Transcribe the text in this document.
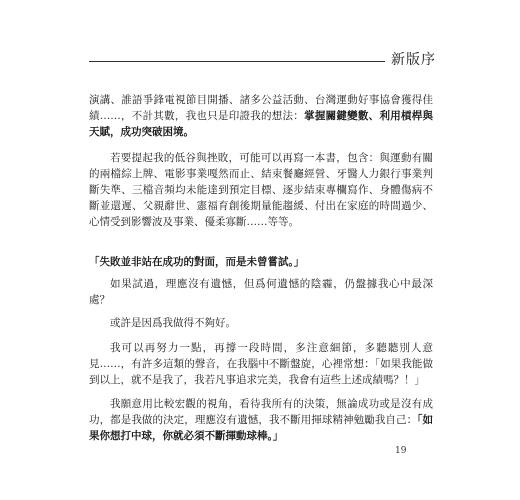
新版序

演講、誰語爭鋒電視節目開播、諸多公益活動、台灣運動好事協會獲得佳績……，不計其數，我也只是印證我的想法：掌握關鍵變數、利用槓桿與天賦，成功突破困境。

若要提起我的低谷與挫敗，可能可以再寫一本書，包含：與運動有關的兩檔綜上牌、電影事業嘎然而止、結束餐廳經營、牙醫人力銀行事業判斷失準、三檔音頻均未能達到預定目標、逐步結束專欄寫作、身體傷病不斷並還遲、父親辭世、憲福育創後期量能趨緩、付出在家庭的時間過少、心情受到影響波及事業、優柔寡斷……等等。

「失敗並非站在成功的對面，而是未曾嘗試。」

如果試過，理應沒有遺憾，但爲何遺憾的陰霾，仍盤據我心中最深處？

或許是因爲我做得不夠好。

我可以再努力一點，再撐一段時間，多注意細節，多聽聽別人意見……，有許多這類的聲音，在我腦中不斷盤旋，心裡常想：「如果我能做到以上，就不是我了，我若凡事追求完美，我會有這些上述成績嗎？！」

我願意用比較宏觀的視角，看待我所有的決策，無論成功或是沒有成功，都是我做的決定，理應沒有遺憾，我不斷用揮球精神勉勵我自己：「如果你想打中球，你就必須不斷揮動球棒。」

19
